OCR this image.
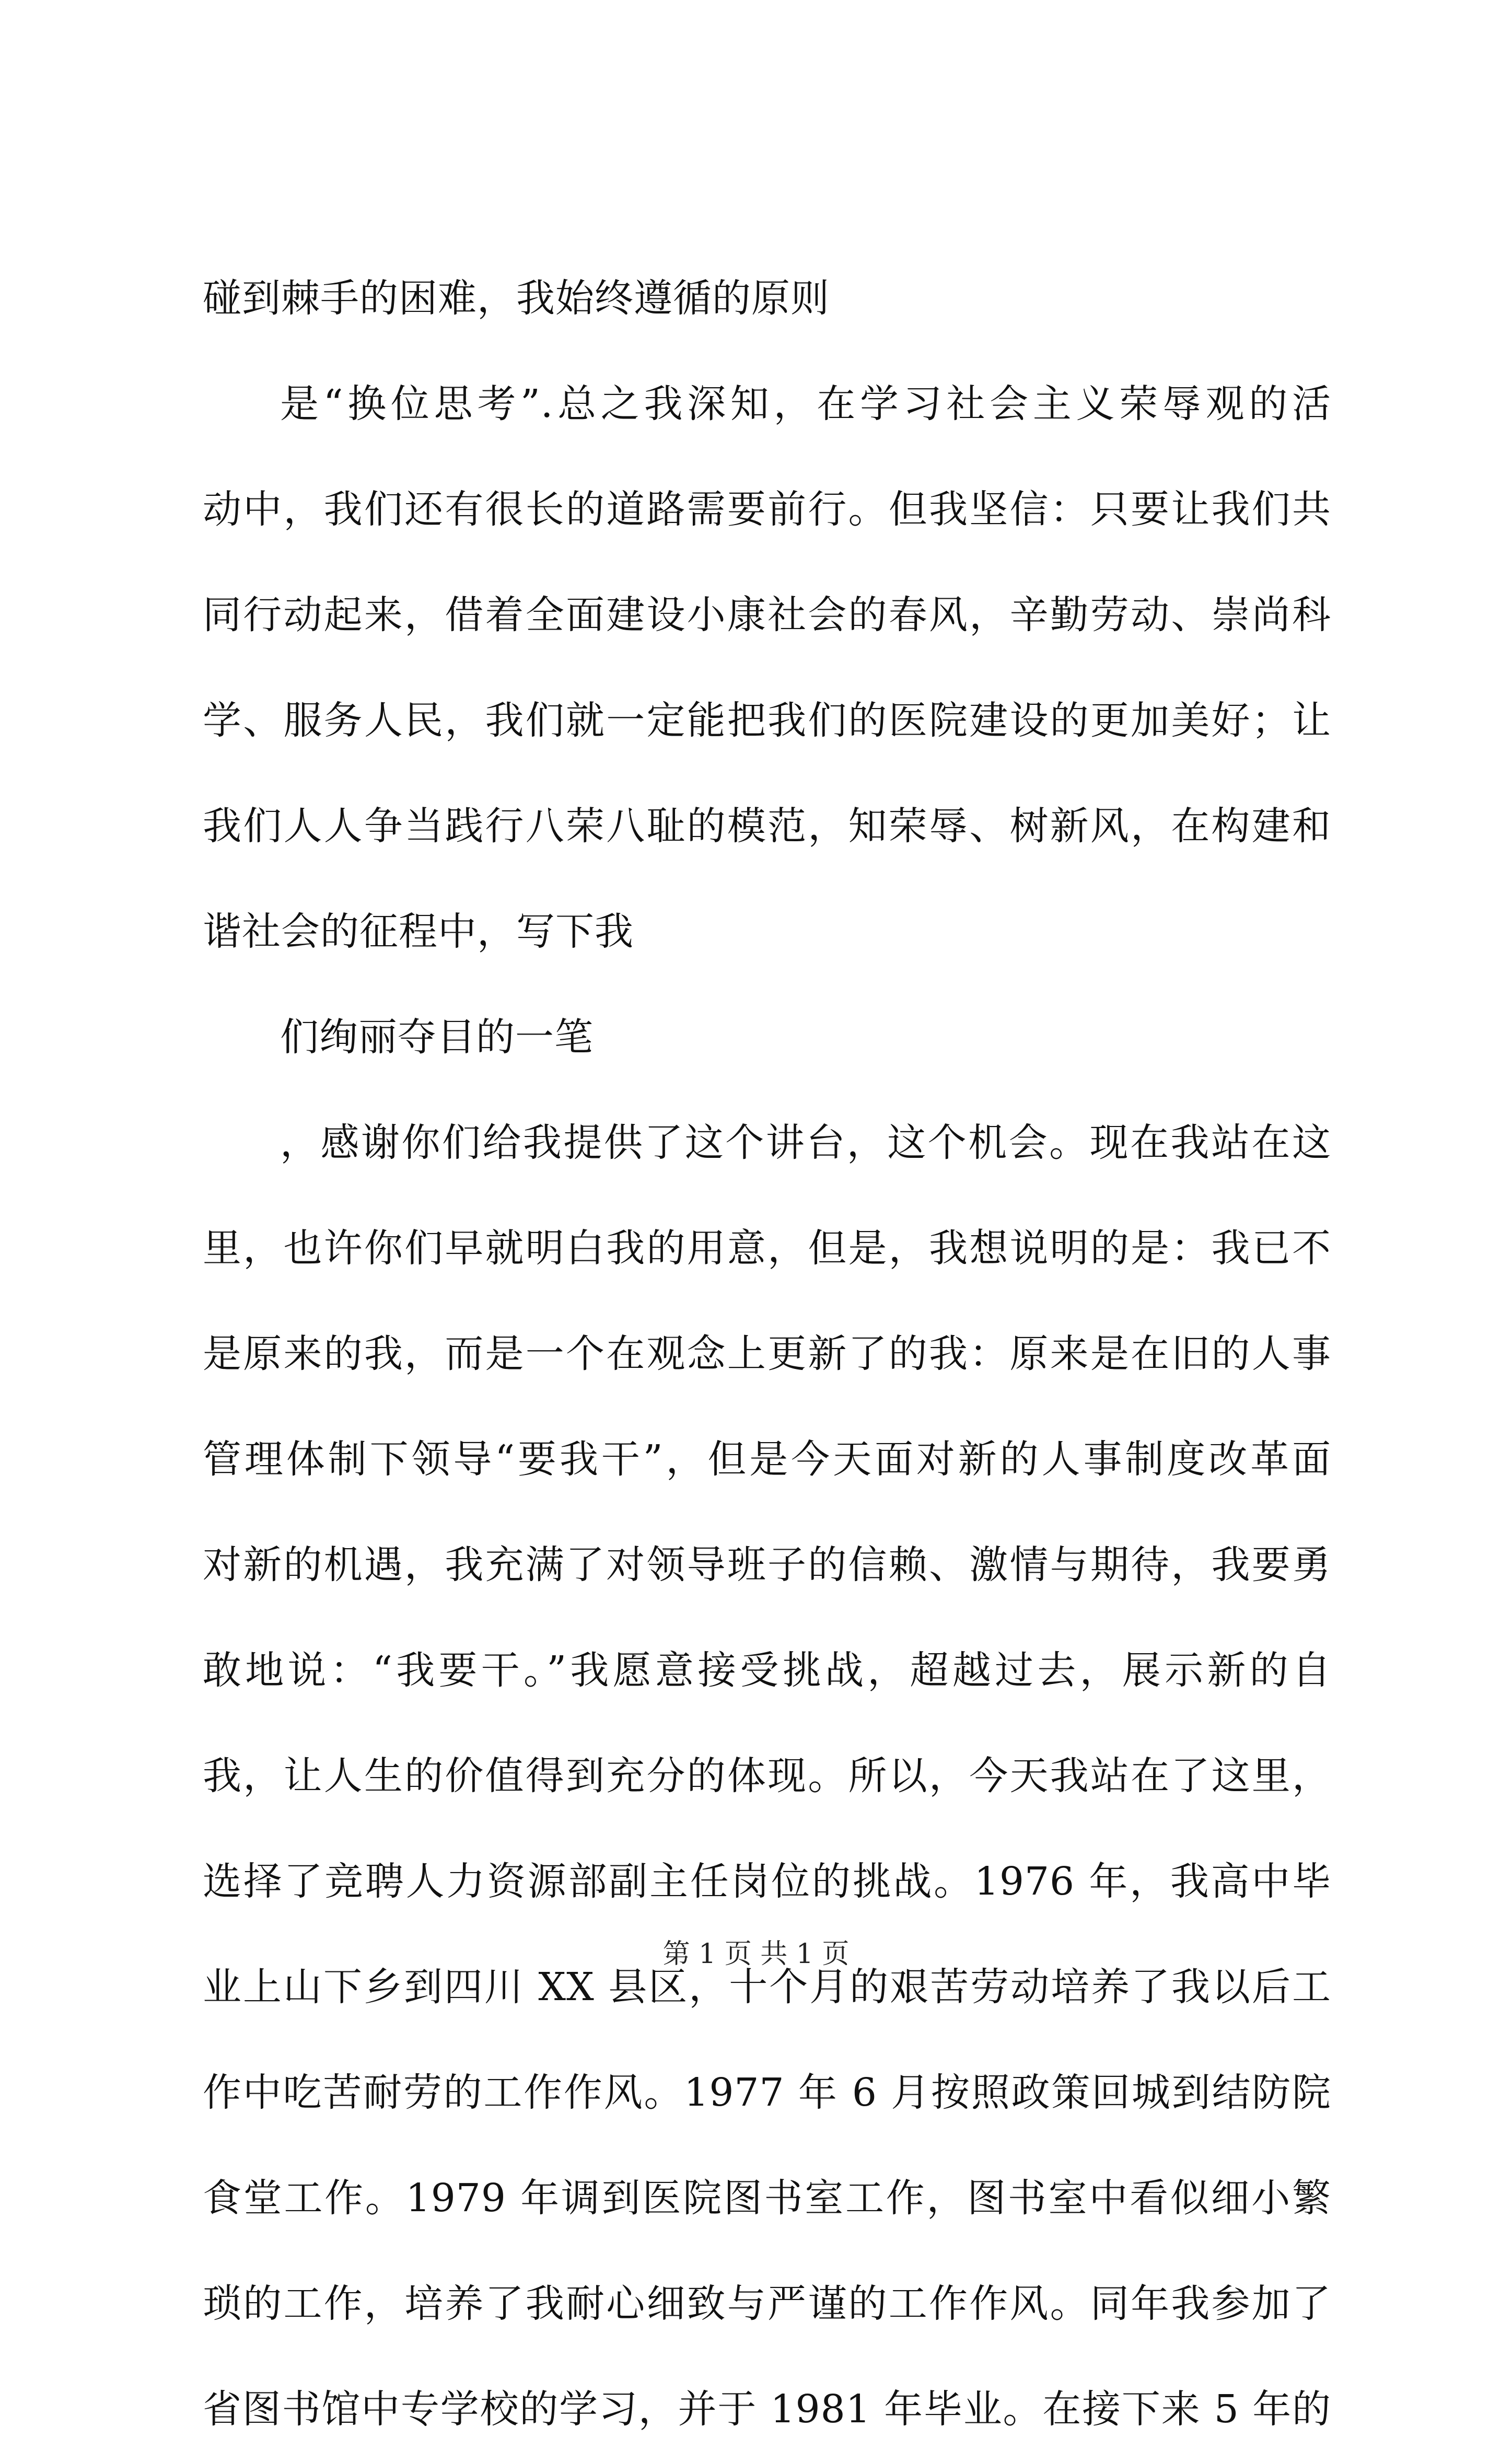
碰到棘手的困难，我始终遵循的原则
是“换位思考”.总之我深知，在学习社会主义荣辱观的活
动中，我们还有很长的道路需要前行。但我坚信：只要让我们共
同行动起来，借着全面建设小康社会的春风，辛勤劳动、崇尚科
学、服务人民，我们就一定能把我们的医院建设的更加美好；让
我们人人争当践行八荣八耻的模范，知荣辱、树新风，在构建和
谐社会的征程中，写下我
们绚丽夺目的一笔
，感谢你们给我提供了这个讲台，这个机会。现在我站在这
里，也许你们早就明白我的用意，但是，我想说明的是：我已不
是原来的我，而是一个在观念上更新了的我：原来是在旧的人事
管理体制下领导“要我干”，但是今天面对新的人事制度改革面
对新的机遇，我充满了对领导班子的信赖、激情与期待，我要勇
敢地说：“我要干。”我愿意接受挑战，超越过去，展示新的自
我，让人生的价值得到充分的体现。所以，今天我站在了这里，
选择了竞聘人力资源部副主任岗位的挑战。1976 年，我高中毕
业上山下乡到四川 XX 县区，十个月的艰苦劳动培养了我以后工
作中吃苦耐劳的工作作风。1977 年 6 月按照政策回城到结防院
食堂工作。1979 年调到医院图书室工作，图书室中看似细小繁
琐的工作，培养了我耐心细致与严谨的工作作风。同年我参加了
省图书馆中专学校的学习，并于 1981 年毕业。在接下来 5 年的
第 1 页 共 1 页
